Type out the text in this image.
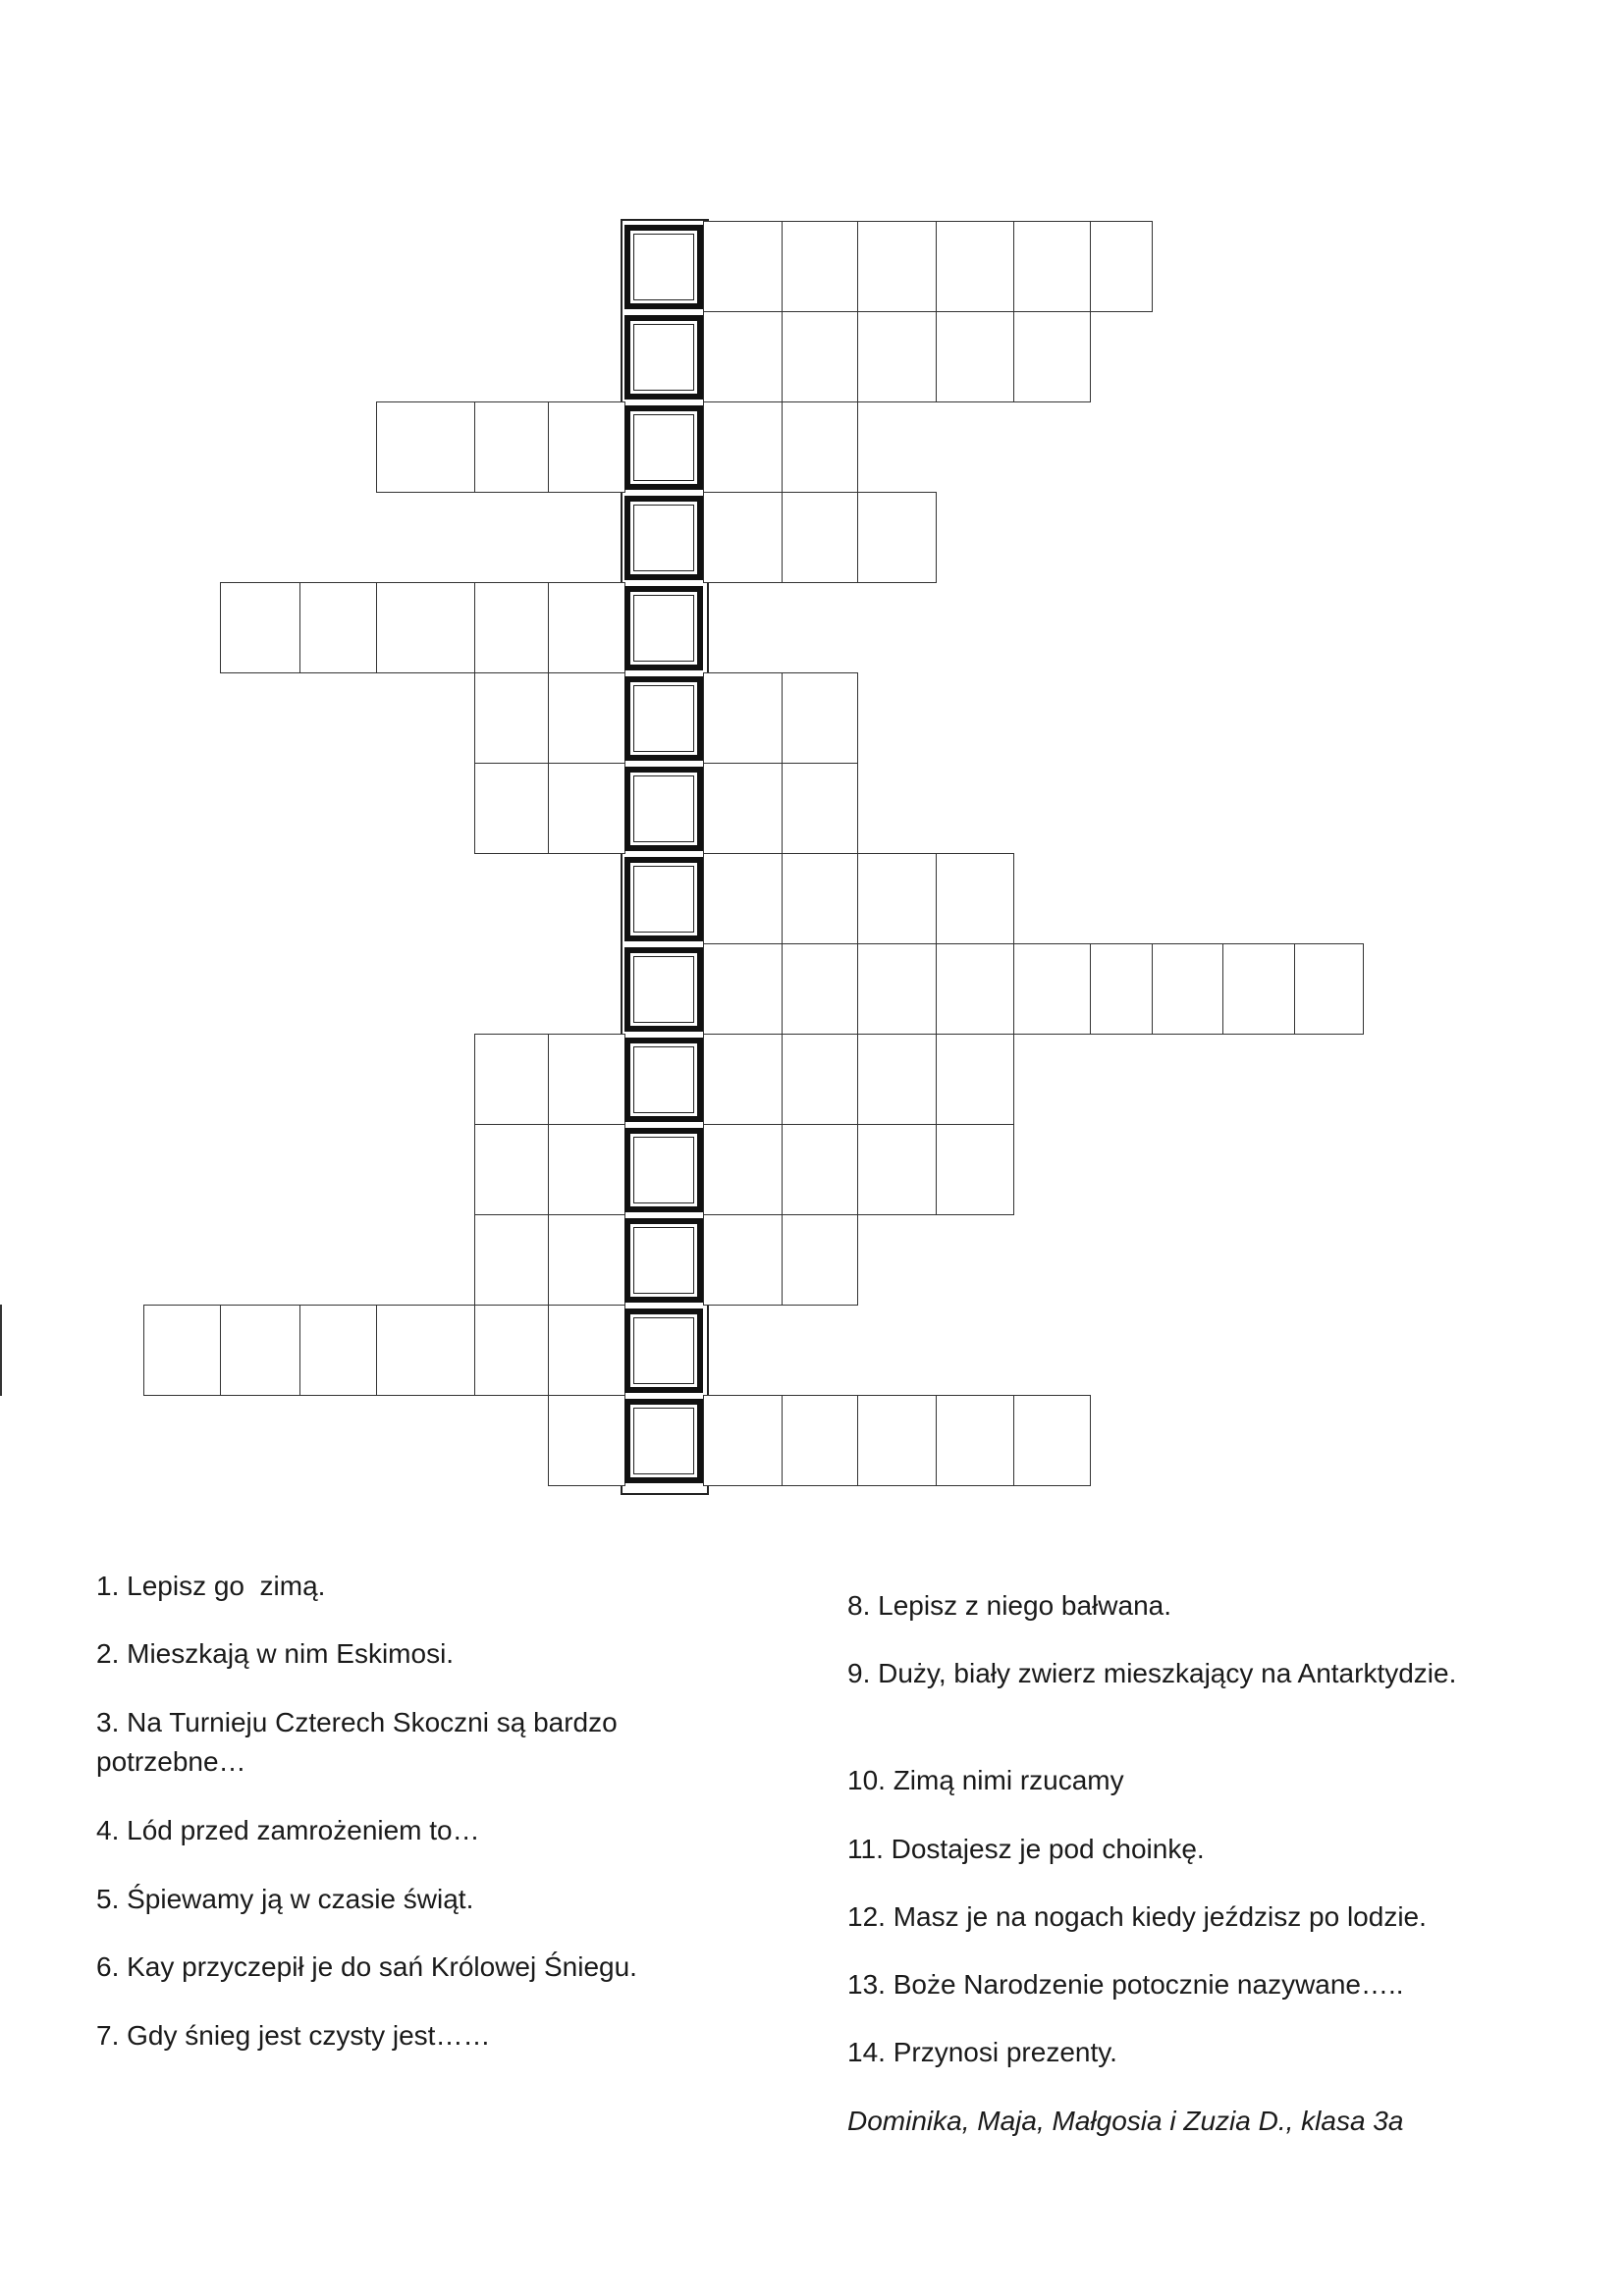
1. Lepisz go  zimą.

2. Mieszkają w nim Eskimosi.

3. Na Turnieju Czterech Skoczni są bardzo potrzebne…

4. Lód przed zamrożeniem to…

5. Śpiewamy ją w czasie świąt.

6. Kay przyczepił je do sań Królowej Śniegu.

7. Gdy śnieg jest czysty jest……

8. Lepisz z niego bałwana.

9. Duży, biały zwierz mieszkający na Antarktydzie.

10. Zimą nimi rzucamy

11. Dostajesz je pod choinkę.

12. Masz je na nogach kiedy jeździsz po lodzie.

13. Boże Narodzenie potocznie nazywane…..

14. Przynosi prezenty.

Dominika, Maja, Małgosia i Zuzia D., klasa 3a
